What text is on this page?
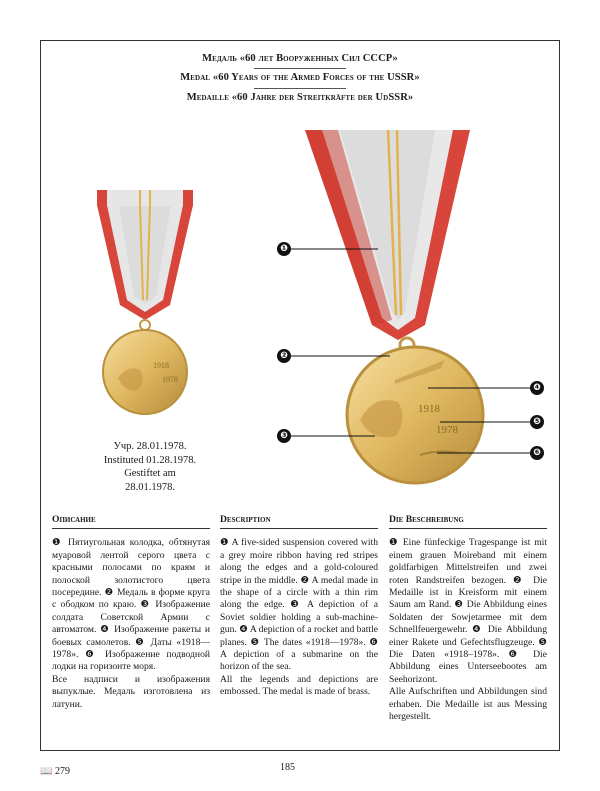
Медаль «60 лет Вооруженных Сил СССР»
Medal «60 Years of the Armed Forces of the USSR»
Medaille «60 Jahre der Streitkräfte der UdSSR»
1918
1978
1918
1978
❶
❷
❸
❹
❺
❻
Учр. 28.01.1978.
Instituted 01.28.1978.
Gestiftet am 28.01.1978.
Описание

❶ Пятиугольная колодка, обтянутая муаровой лентой серого цвета с красными полосами по краям и полоской золотистого цвета посередине. ❷ Медаль в форме круга с ободком по краю. ❸ Изображение солдата Советской Армии с автоматом. ❹ Изображение ракеты и боевых самолетов. ❺ Даты «1918—1978». ❻ Изображение подводной лодки на горизонте моря.

Все надписи и изображения выпуклые. Медаль изготовлена из латуни.

Description

❶ A five-sided suspension covered with a grey moire ribbon having red stripes along the edges and a gold-coloured stripe in the middle. ❷ A medal made in the shape of a circle with a thin rim along the edge. ❸ A depiction of a Soviet soldier holding a sub-machine-gun. ❹ A depiction of a rocket and battle planes. ❺ The dates «1918—1978». ❻ A depiction of a submarine on the horizon of the sea.

All the legends and depictions are embossed. The medal is made of brass.

Die Beschreibung

❶ Eine fünfeckige Tragespange ist mit einem grauen Moireband mit einem goldfarbigen Mittelstreifen und zwei roten Randstreifen bezogen. ❷ Die Medaille ist in Kreisform mit einem Saum am Rand. ❸ Die Abbildung eines Soldaten der Sowjetarmee mit dem Schnellfeuergewehr. ❹ Die Abbildung einer Rakete und Gefechtsflugzeuge. ❺ Die Daten «1918–1978». ❻ Die Abbildung eines Unterseebootes am Seehorizont.

Alle Aufschriften und Abbildungen sind erhaben. Die Medaille ist aus Messing hergestellt.

📖 279	185
